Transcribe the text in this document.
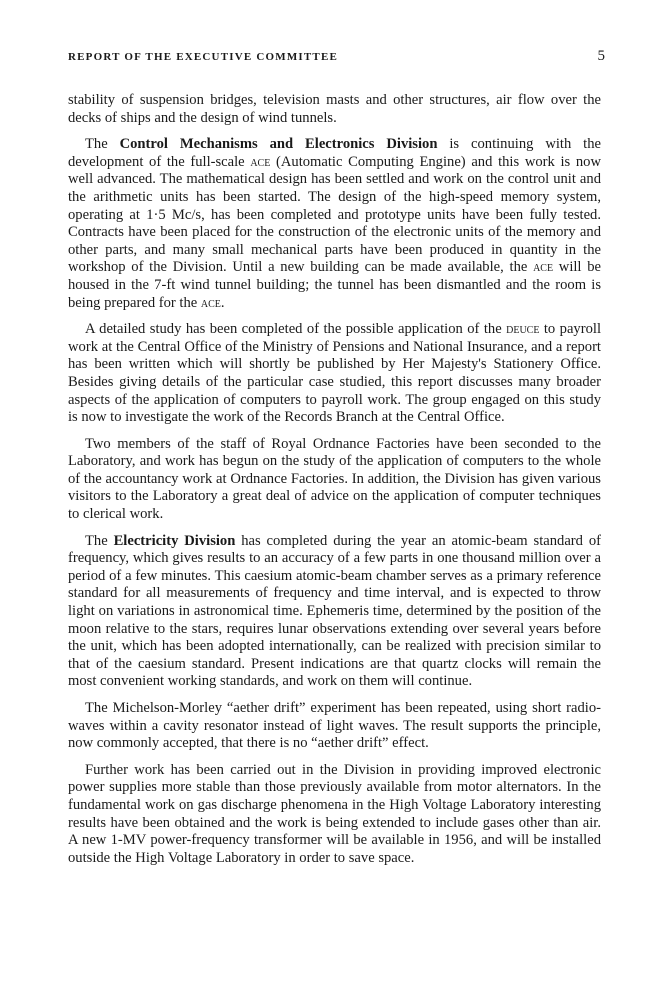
REPORT OF THE EXECUTIVE COMMITTEE	5

stability of suspension bridges, television masts and other structures, air flow over the decks of ships and the design of wind tunnels.

The Control Mechanisms and Electronics Division is continuing with the development of the full-scale ace (Automatic Computing Engine) and this work is now well advanced. The mathematical design has been settled and work on the control unit and the arithmetic units has been started. The design of the high-speed memory system, operating at 1·5 Mc/s, has been completed and prototype units have been fully tested. Contracts have been placed for the construction of the electronic units of the memory and other parts, and many small mechanical parts have been produced in quantity in the workshop of the Division. Until a new building can be made available, the ace will be housed in the 7-ft wind tunnel building; the tunnel has been dismantled and the room is being prepared for the ace.

A detailed study has been completed of the possible application of the deuce to payroll work at the Central Office of the Ministry of Pensions and National Insurance, and a report has been written which will shortly be published by Her Majesty's Stationery Office. Besides giving details of the particular case studied, this report discusses many broader aspects of the application of computers to payroll work. The group engaged on this study is now to investigate the work of the Records Branch at the Central Office.

Two members of the staff of Royal Ordnance Factories have been seconded to the Laboratory, and work has begun on the study of the application of computers to the whole of the accountancy work at Ordnance Factories. In addition, the Division has given various visitors to the Laboratory a great deal of advice on the application of computer techniques to clerical work.

The Electricity Division has completed during the year an atomic-beam standard of frequency, which gives results to an accuracy of a few parts in one thousand million over a period of a few minutes. This caesium atomic-beam chamber serves as a primary reference standard for all measurements of frequency and time interval, and is expected to throw light on variations in astronomical time. Ephemeris time, determined by the position of the moon relative to the stars, requires lunar observations extending over several years before the unit, which has been adopted internationally, can be realized with precision similar to that of the caesium standard. Present indications are that quartz clocks will remain the most convenient working standards, and work on them will continue.

The Michelson-Morley “aether drift” experiment has been repeated, using short radio-waves within a cavity resonator instead of light waves. The result supports the principle, now commonly accepted, that there is no “aether drift” effect.

Further work has been carried out in the Division in providing improved electronic power supplies more stable than those previously available from motor alternators. In the fundamental work on gas discharge phenomena in the High Voltage Laboratory interesting results have been obtained and the work is being extended to include gases other than air. A new 1-MV power-frequency transformer will be available in 1956, and will be installed outside the High Voltage Laboratory in order to save space.
